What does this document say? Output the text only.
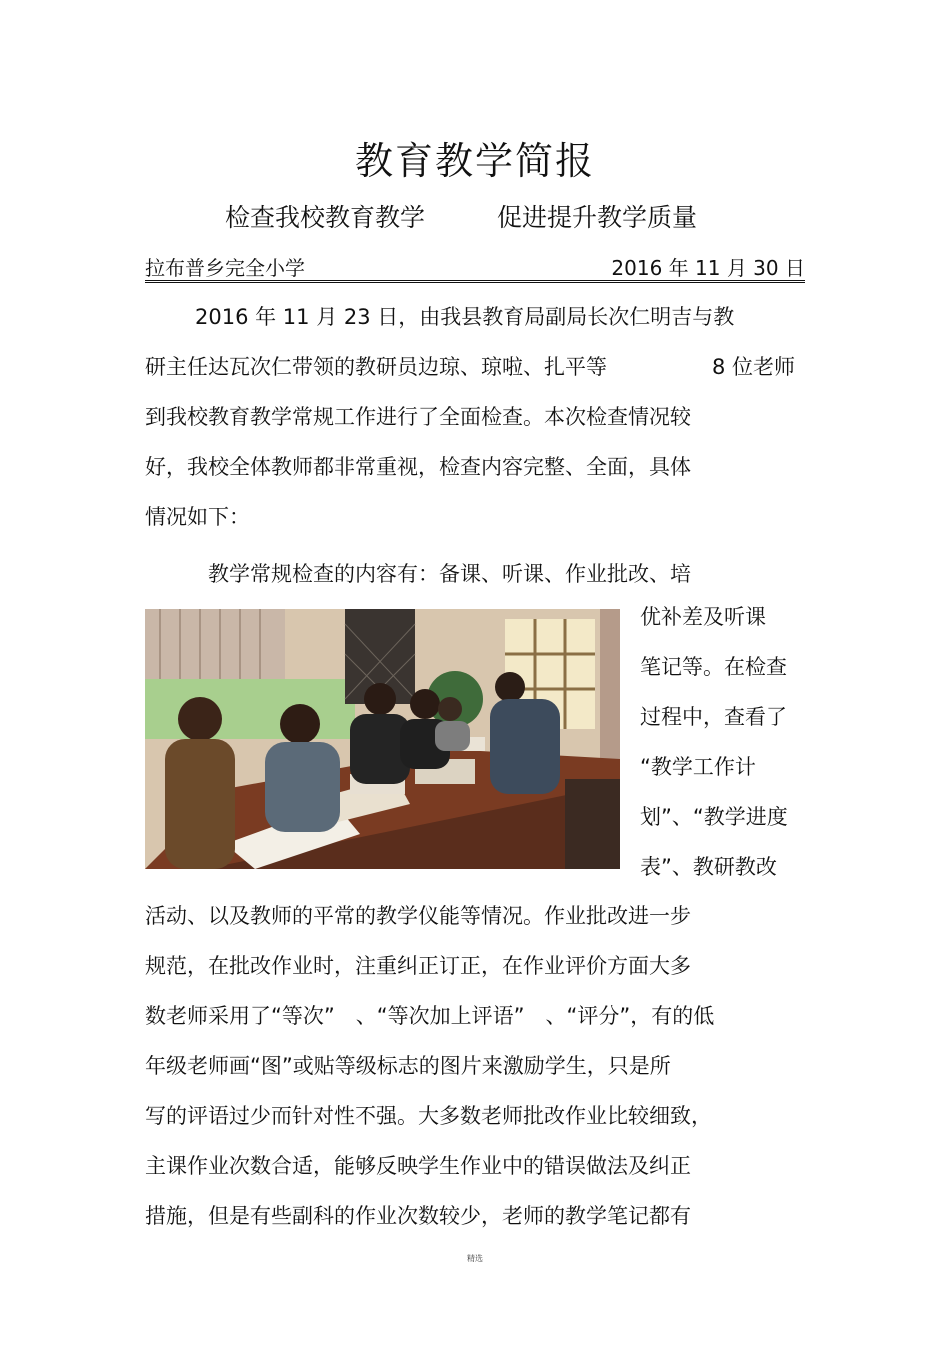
教育教学简报
检查我校教育教学	促进提升教学质量
拉布普乡完全小学	2016 年 11 月 30 日
2016 年 11 月 23 日，由我县教育局副局长次仁明吉与教
研主任达瓦次仁带领的教研员边琼、琼啦、扎平等	8 位老师
到我校教育教学常规工作进行了全面检查。本次检查情况较
好，我校全体教师都非常重视，检查内容完整、全面，具体
情况如下：
教学常规检查的内容有：备课、听课、作业批改、培
优补差及听课
笔记等。在检查
过程中，查看了
“教学工作计
划”、“教学进度
表”、教研教改
活动、以及教师的平常的教学仪能等情况。作业批改进一步
规范，在批改作业时，注重纠正订正，在作业评价方面大多
数老师采用了“等次”　、“等次加上评语”　、“评分”，有的低
年级老师画“图”或贴等级标志的图片来激励学生，只是所
写的评语过少而针对性不强。大多数老师批改作业比较细致，
主课作业次数合适，能够反映学生作业中的错误做法及纠正
措施，但是有些副科的作业次数较少，老师的教学笔记都有
精选
